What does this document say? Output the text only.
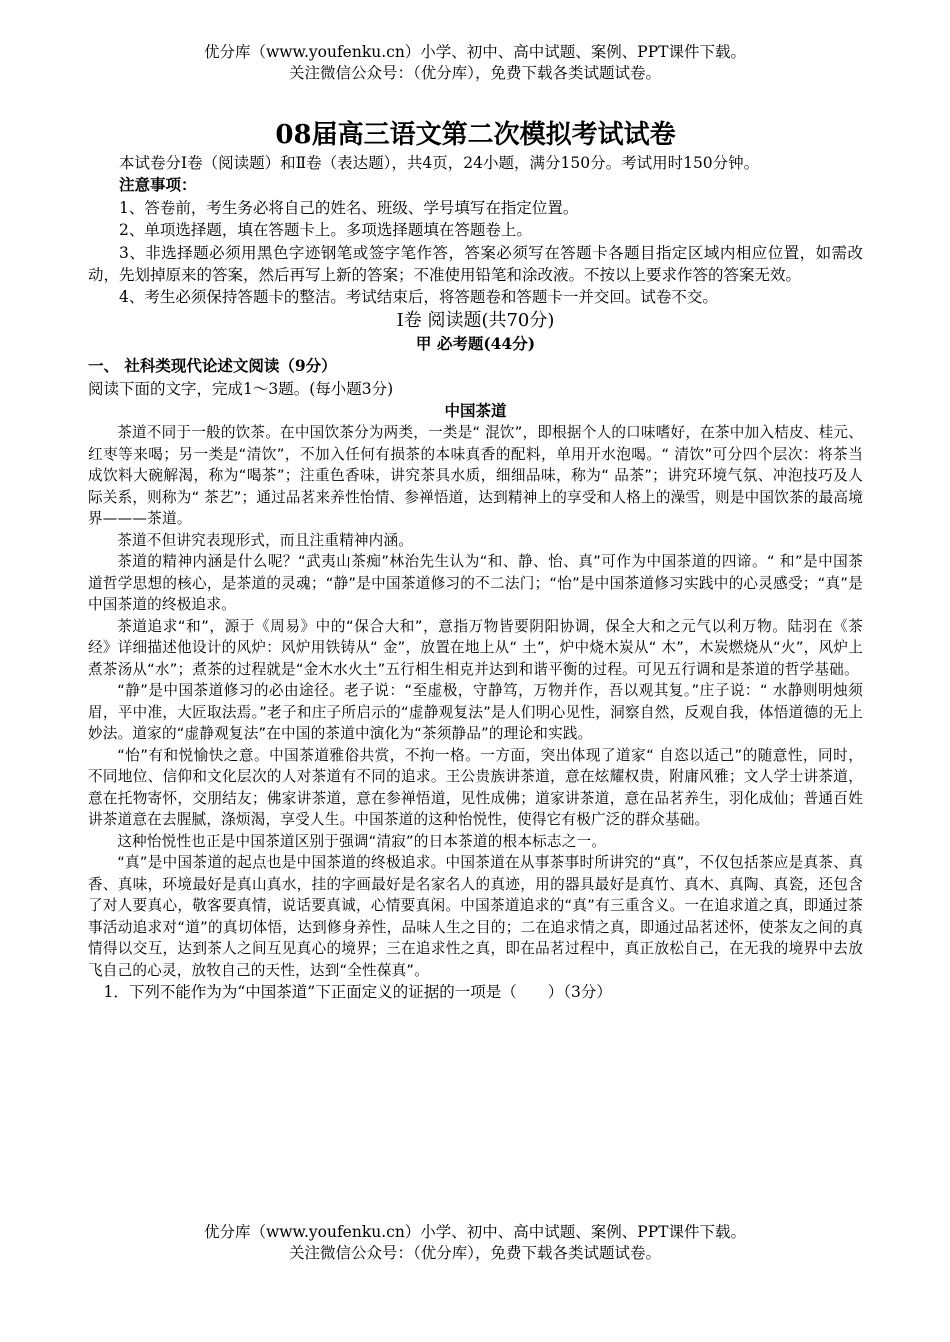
优分库（www.youfenku.cn）小学、初中、高中试题、案例、PPT课件下载。
关注微信公众号：（优分库），免费下载各类试题试卷。
08届高三语文第二次模拟考试试卷

本试卷分Ⅰ卷（阅读题）和Ⅱ卷（表达题），共4页，24小题，满分150分。考试用时150分钟。

注意事项：

1、答卷前，考生务必将自己的姓名、班级、学号填写在指定位置。

2、单项选择题，填在答题卡上。多项选择题填在答题卷上。

3、非选择题必须用黑色字迹钢笔或签字笔作答，答案必须写在答题卡各题目指定区域内相应位置，如需改动，先划掉原来的答案，然后再写上新的答案；不准使用铅笔和涂改液。不按以上要求作答的答案无效。

4、考生必须保持答题卡的整洁。考试结束后，将答题卷和答题卡一并交回。试卷不交。

Ⅰ卷 阅读题(共70分)

甲 必考题(44分)

一、 社科类现代论述文阅读（9分）

阅读下面的文字，完成1～3题。(每小题3分)

中国茶道

茶道不同于一般的饮茶。在中国饮茶分为两类，一类是“ 混饮”，即根据个人的口味嗜好，在茶中加入桔皮、桂元、红枣等来喝；另一类是“清饮”，不加入任何有损茶的本味真香的配料，单用开水泡喝。“ 清饮”可分四个层次：将茶当成饮料大碗解渴，称为“喝茶”；注重色香味，讲究茶具水质，细细品味，称为“ 品茶”；讲究环境气氛、冲泡技巧及人际关系，则称为“ 茶艺”；通过品茗来养性怡情、参禅悟道，达到精神上的享受和人格上的澡雪，则是中国饮茶的最高境界———茶道。

茶道不但讲究表现形式，而且注重精神内涵。

茶道的精神内涵是什么呢？“武夷山茶痴”林治先生认为“和、静、怡、真”可作为中国茶道的四谛。“ 和”是中国茶道哲学思想的核心，是茶道的灵魂；“静”是中国茶道修习的不二法门；“怡”是中国茶道修习实践中的心灵感受；“真”是中国茶道的终极追求。

茶道追求“和”，源于《周易》中的“保合大和”，意指万物皆要阴阳协调，保全大和之元气以利万物。陆羽在《茶经》详细描述他设计的风炉：风炉用铁铸从“ 金”，放置在地上从“ 土”，炉中烧木炭从“ 木”，木炭燃烧从“火”，风炉上煮茶汤从“水”；煮茶的过程就是“金木水火土”五行相生相克并达到和谐平衡的过程。可见五行调和是茶道的哲学基础。

“静”是中国茶道修习的必由途径。老子说：“至虚极，守静笃，万物并作，吾以观其复。”庄子说：“ 水静则明烛须眉，平中准，大匠取法焉。”老子和庄子所启示的“虚静观复法”是人们明心见性，洞察自然，反观自我，体悟道德的无上妙法。道家的“虚静观复法”在中国的茶道中演化为“茶须静品”的理论和实践。

“怡”有和悦愉快之意。中国茶道雅俗共赏，不拘一格。一方面，突出体现了道家“ 自恣以适己”的随意性，同时，不同地位、信仰和文化层次的人对茶道有不同的追求。王公贵族讲茶道，意在炫耀权贵，附庸风雅；文人学士讲茶道，意在托物寄怀，交朋结友；佛家讲茶道，意在参禅悟道，见性成佛；道家讲茶道，意在品茗养生，羽化成仙；普通百姓讲茶道意在去腥腻，涤烦渴，享受人生。中国茶道的这种怡悦性，使得它有极广泛的群众基础。

这种怡悦性也正是中国茶道区别于强调“清寂”的日本茶道的根本标志之一。

“真”是中国茶道的起点也是中国茶道的终极追求。中国茶道在从事茶事时所讲究的“真”，不仅包括茶应是真茶、真香、真味，环境最好是真山真水，挂的字画最好是名家名人的真迹，用的器具最好是真竹、真木、真陶、真瓷，还包含了对人要真心，敬客要真情，说话要真诚，心情要真闲。中国茶道追求的“真”有三重含义。一在追求道之真，即通过茶事活动追求对“道”的真切体悟，达到修身养性，品味人生之目的；二在追求情之真，即通过品茗述怀，使茶友之间的真情得以交互，达到茶人之间互见真心的境界；三在追求性之真，即在品茗过程中，真正放松自己，在无我的境界中去放飞自己的心灵，放牧自己的天性，达到“全性葆真”。

1．下列不能作为为“中国茶道”下正面定义的证据的一项是（　　）（3分）

优分库（www.youfenku.cn）小学、初中、高中试题、案例、PPT课件下载。
关注微信公众号：（优分库），免费下载各类试题试卷。
